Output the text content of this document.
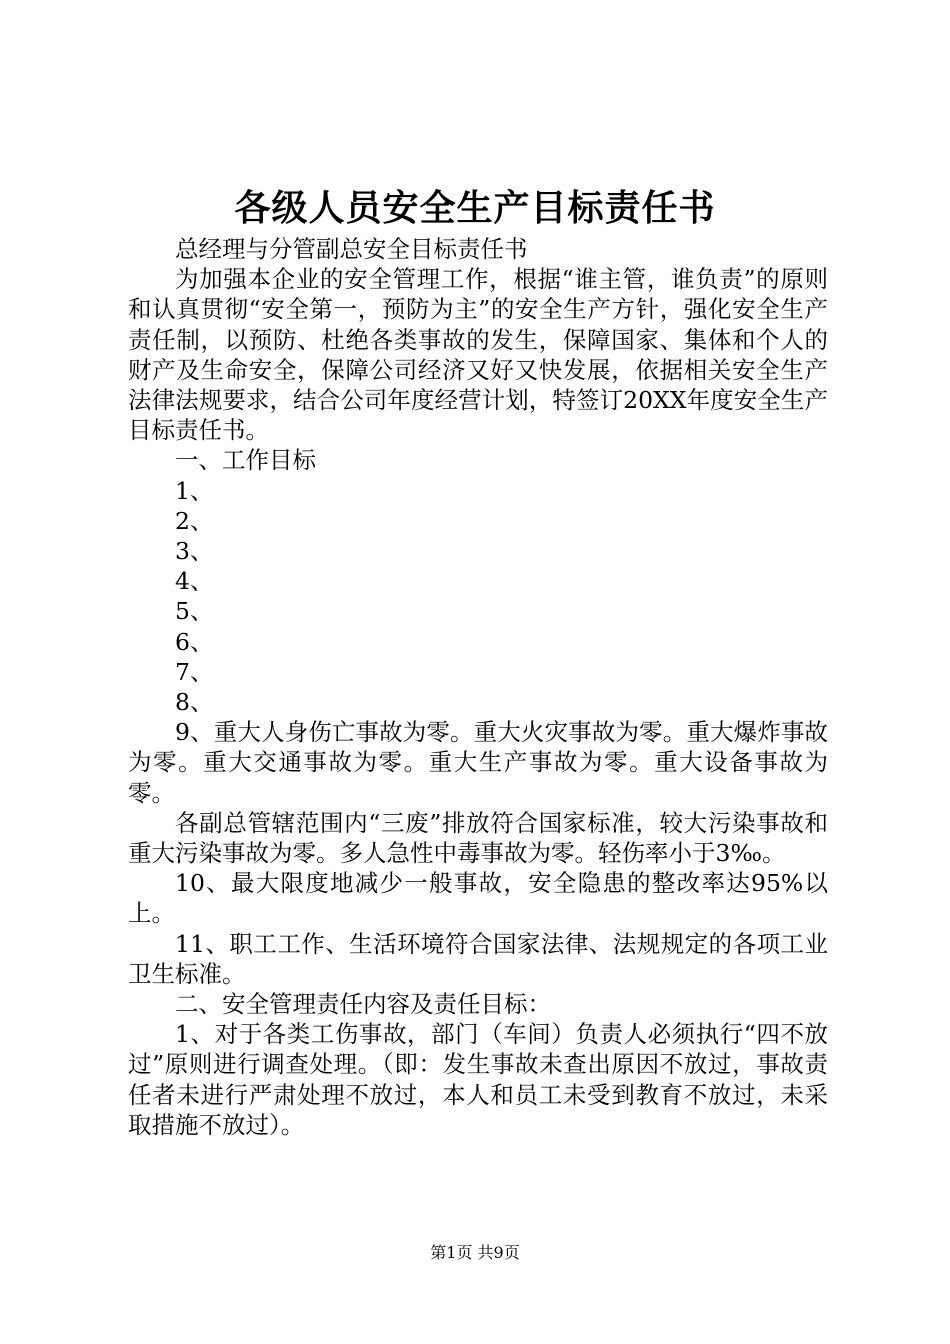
各级人员安全生产目标责任书

总经理与分管副总安全目标责任书

为加强本企业的安全管理工作，根据“谁主管，谁负责”的原则和认真贯彻“安全第一，预防为主”的安全生产方针，强化安全生产责任制，以预防、杜绝各类事故的发生，保障国家、集体和个人的财产及生命安全，保障公司经济又好又快发展，依据相关安全生产法律法规要求，结合公司年度经营计划，特签订20XX年度安全生产目标责任书。

一、工作目标

1、

2、

3、

4、

5、

6、

7、

8、

9、重大人身伤亡事故为零。重大火灾事故为零。重大爆炸事故为零。重大交通事故为零。重大生产事故为零。重大设备事故为零。

各副总管辖范围内“三废”排放符合国家标准，较大污染事故和重大污染事故为零。多人急性中毒事故为零。轻伤率小于3‰。

10、最大限度地减少一般事故，安全隐患的整改率达95%以上。

11、职工工作、生活环境符合国家法律、法规规定的各项工业卫生标准。

二、安全管理责任内容及责任目标：

1、对于各类工伤事故，部门（车间）负责人必须执行“四不放过”原则进行调查处理。（即：发生事故未查出原因不放过，事故责任者未进行严肃处理不放过，本人和员工未受到教育不放过，未采取措施不放过）。

第1页 共9页
